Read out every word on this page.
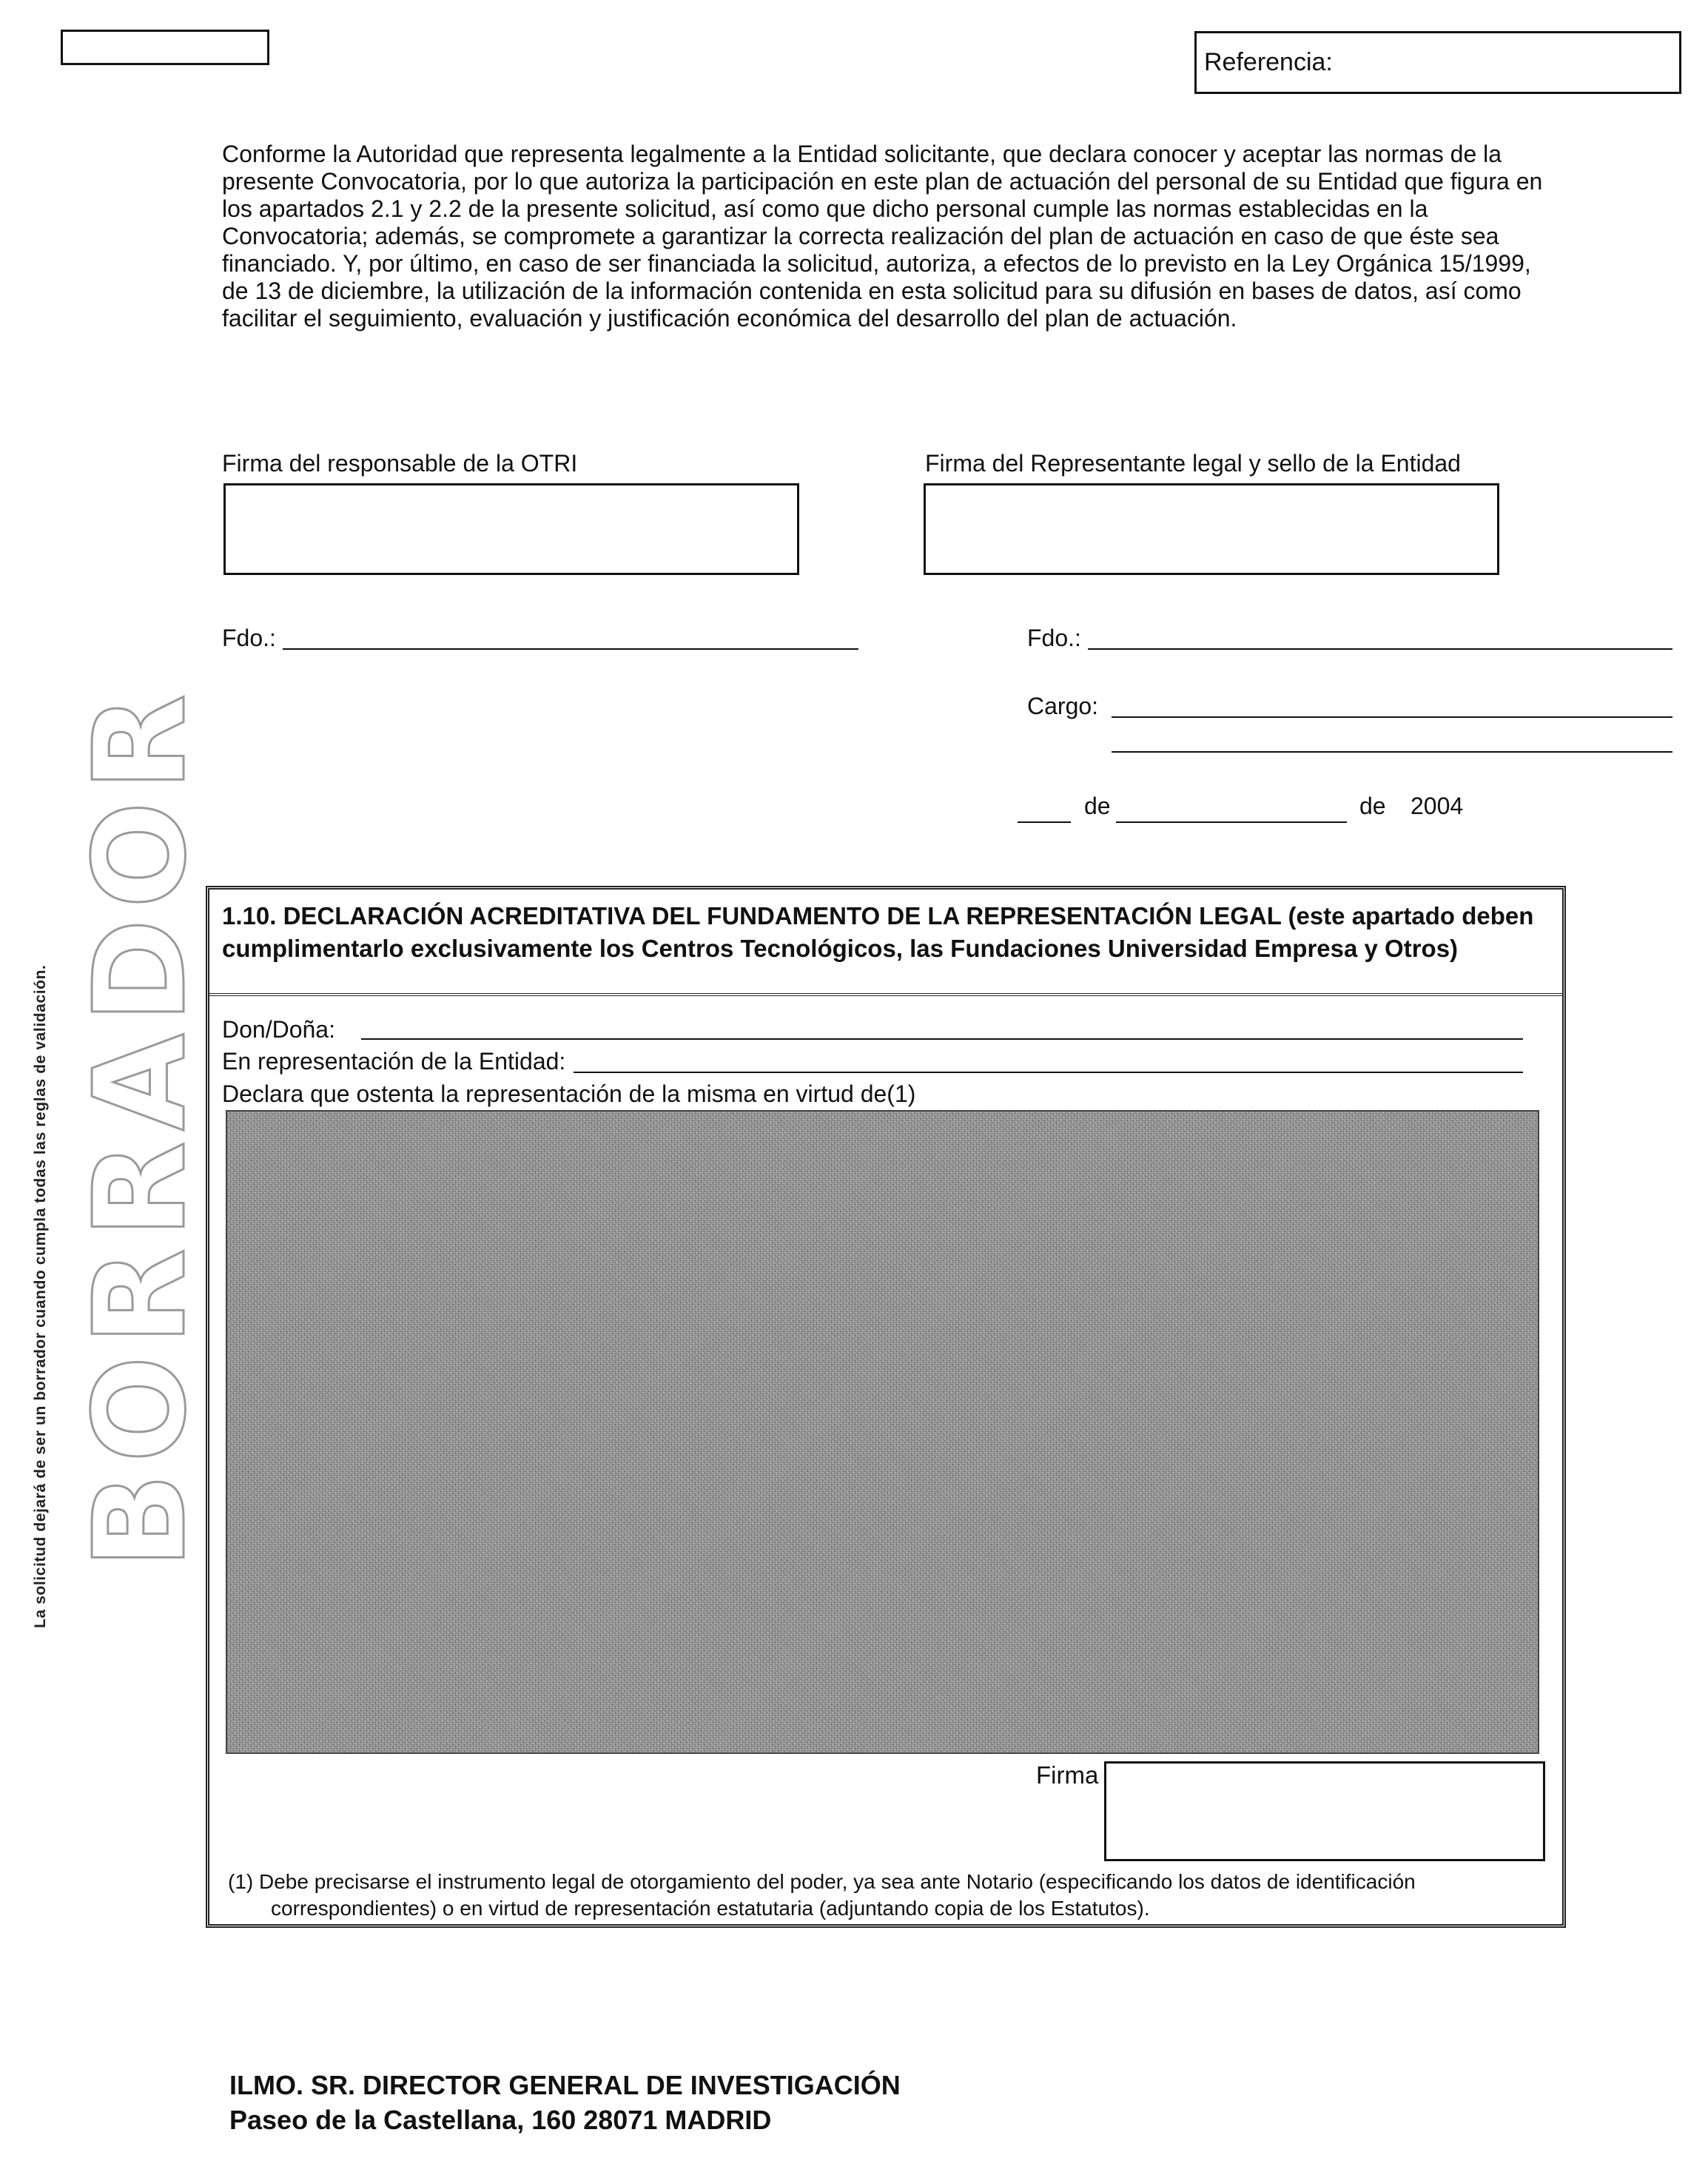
Referencia:

Conforme la Autoridad que representa legalmente a la Entidad solicitante, que declara conocer y aceptar las normas de la presente Convocatoria, por lo que autoriza la participación en este plan de actuación del personal de su Entidad que figura en los apartados 2.1 y 2.2 de la presente solicitud, así como que dicho personal cumple las normas establecidas en la Convocatoria; además, se compromete a garantizar la correcta realización del plan de actuación en caso de que éste sea financiado. Y, por último, en caso de ser financiada la solicitud, autoriza, a efectos de lo previsto en la Ley Orgánica 15/1999, de 13 de diciembre, la utilización de la información contenida en esta solicitud para su difusión en bases de datos, así como facilitar el seguimiento, evaluación y justificación económica del desarrollo del plan de actuación.

Firma del responsable de la OTRI	Firma del Representante legal y sello de la Entidad
Fdo.:	Fdo.:
Cargo:
de	de 2004
BORRADOR
La solicitud dejará de ser un borrador cuando cumpla todas las reglas de validación.
1.10. DECLARACIÓN ACREDITATIVA DEL FUNDAMENTO DE LA REPRESENTACIÓN LEGAL (este apartado deben cumplimentarlo exclusivamente los Centros Tecnológicos, las Fundaciones Universidad Empresa y Otros)
Don/Doña:
En representación de la Entidad:
Declara que ostenta la representación de la misma en virtud de(1)
Firma
(1) Debe precisarse el instrumento legal de otorgamiento del poder, ya sea ante Notario (especificando los datos de identificación
correspondientes) o en virtud de representación estatutaria (adjuntando copia de los Estatutos).
ILMO. SR. DIRECTOR GENERAL DE INVESTIGACIÓN
Paseo de la Castellana, 160 28071 MADRID
